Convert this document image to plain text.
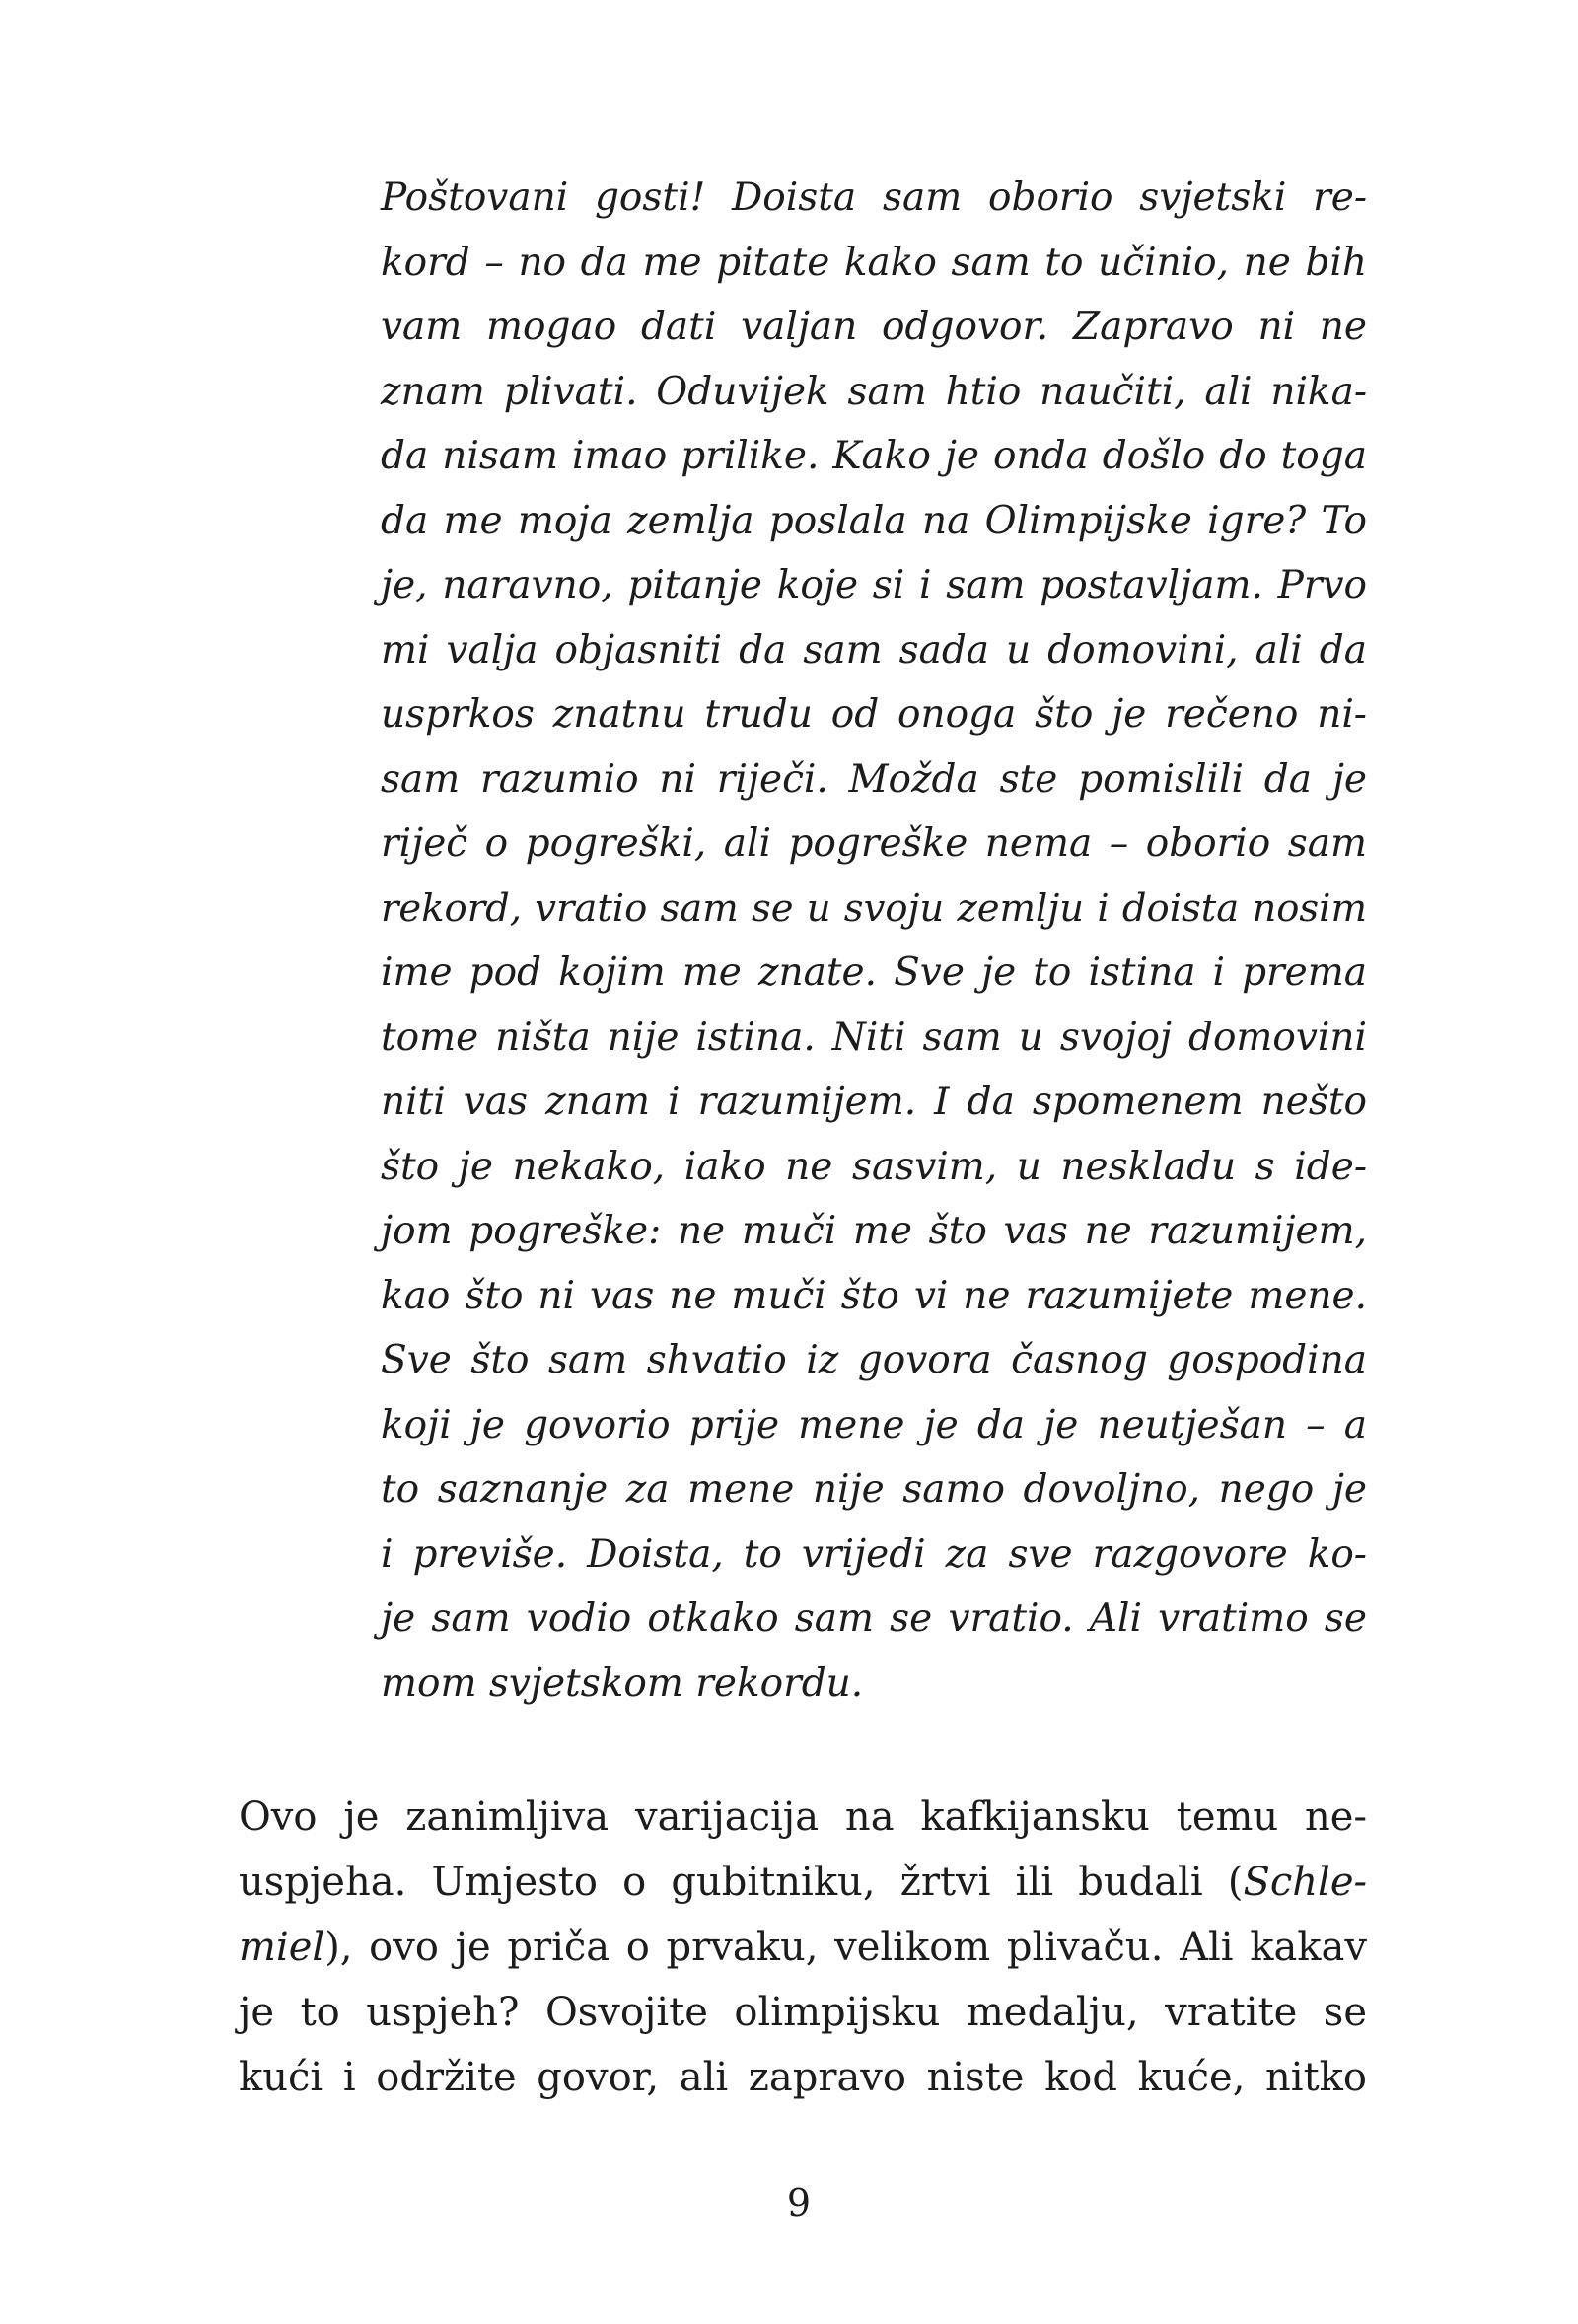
Poštovani gosti! Doista sam oborio svjetski re-
kord – no da me pitate kako sam to učinio, ne bih
vam mogao dati valjan odgovor. Zapravo ni ne
znam plivati. Oduvijek sam htio naučiti, ali nika-
da nisam imao prilike. Kako je onda došlo do toga
da me moja zemlja poslala na Olimpijske igre? To
je, naravno, pitanje koje si i sam postavljam. Prvo
mi valja objasniti da sam sada u domovini, ali da
usprkos znatnu trudu od onoga što je rečeno ni-
sam razumio ni riječi. Možda ste pomislili da je
riječ o pogreški, ali pogreške nema – oborio sam
rekord, vratio sam se u svoju zemlju i doista nosim
ime pod kojim me znate. Sve je to istina i prema
tome ništa nije istina. Niti sam u svojoj domovini
niti vas znam i razumijem. I da spomenem nešto
što je nekako, iako ne sasvim, u neskladu s ide-
jom pogreške: ne muči me što vas ne razumijem,
kao što ni vas ne muči što vi ne razumijete mene.
Sve što sam shvatio iz govora časnog gospodina
koji je govorio prije mene je da je neutješan – a
to saznanje za mene nije samo dovoljno, nego je
i previše. Doista, to vrijedi za sve razgovore ko-
je sam vodio otkako sam se vratio. Ali vratimo se
mom svjetskom rekordu.
Ovo je zanimljiva varijacija na kafkijansku temu ne-
uspjeha. Umjesto o gubitniku, žrtvi ili budali (Schle-
miel), ovo je priča o prvaku, velikom plivaču. Ali kakav
je to uspjeh? Osvojite olimpijsku medalju, vratite se
kući i održite govor, ali zapravo niste kod kuće, nitko
9
